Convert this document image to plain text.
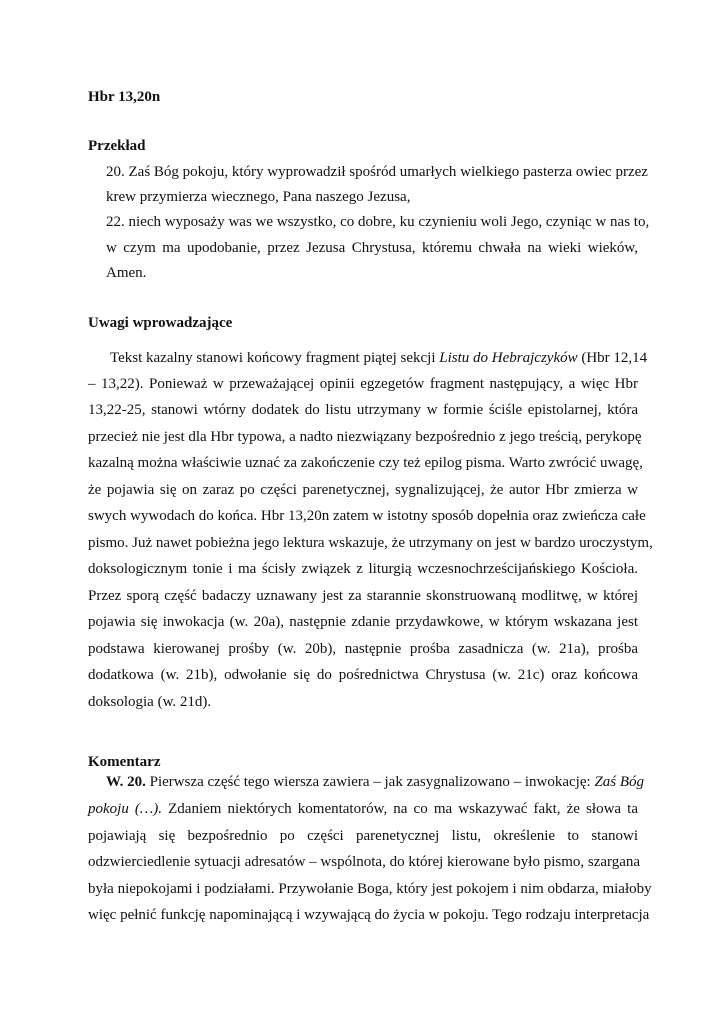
Hbr 13,20n
Przekład
20. Zaś Bóg pokoju, który wyprowadził spośród umarłych wielkiego pasterza owiec przez
krew przymierza wiecznego, Pana naszego Jezusa,
22. niech wyposaży was we wszystko, co dobre, ku czynieniu woli Jego, czyniąc w nas to,
w czym ma upodobanie, przez Jezusa Chrystusa, któremu chwała na wieki wieków,
Amen.
Uwagi wprowadzające
Tekst kazalny stanowi końcowy fragment piątej sekcji Listu do Hebrajczyków (Hbr 12,14
– 13,22). Ponieważ w przeważającej opinii egzegetów fragment następujący, a więc Hbr
13,22-25, stanowi wtórny dodatek do listu utrzymany w formie ściśle epistolarnej, która
przecież nie jest dla Hbr typowa, a nadto niezwiązany bezpośrednio z jego treścią, perykopę
kazalną można właściwie uznać za zakończenie czy też epilog pisma. Warto zwrócić uwagę,
że pojawia się on zaraz po części parenetycznej, sygnalizującej, że autor Hbr zmierza w
swych wywodach do końca. Hbr 13,20n zatem w istotny sposób dopełnia oraz zwieńcza całe
pismo. Już nawet pobieżna jego lektura wskazuje, że utrzymany on jest w bardzo uroczystym,
doksologicznym tonie i ma ścisły związek z liturgią wczesnochrześcijańskiego Kościoła.
Przez sporą część badaczy uznawany jest za starannie skonstruowaną modlitwę, w której
pojawia się inwokacja (w. 20a), następnie zdanie przydawkowe, w którym wskazana jest
podstawa kierowanej prośby (w. 20b), następnie prośba zasadnicza (w. 21a), prośba
dodatkowa (w. 21b), odwołanie się do pośrednictwa Chrystusa (w. 21c) oraz końcowa
doksologia (w. 21d).
Komentarz
W. 20. Pierwsza część tego wiersza zawiera – jak zasygnalizowano – inwokację: Zaś Bóg
pokoju (…). Zdaniem niektórych komentatorów, na co ma wskazywać fakt, że słowa ta
pojawiają się bezpośrednio po części parenetycznej listu, określenie to stanowi
odzwierciedlenie sytuacji adresatów – wspólnota, do której kierowane było pismo, szargana
była niepokojami i podziałami. Przywołanie Boga, który jest pokojem i nim obdarza, miałoby
więc pełnić funkcję napominającą i wzywającą do życia w pokoju. Tego rodzaju interpretacja
